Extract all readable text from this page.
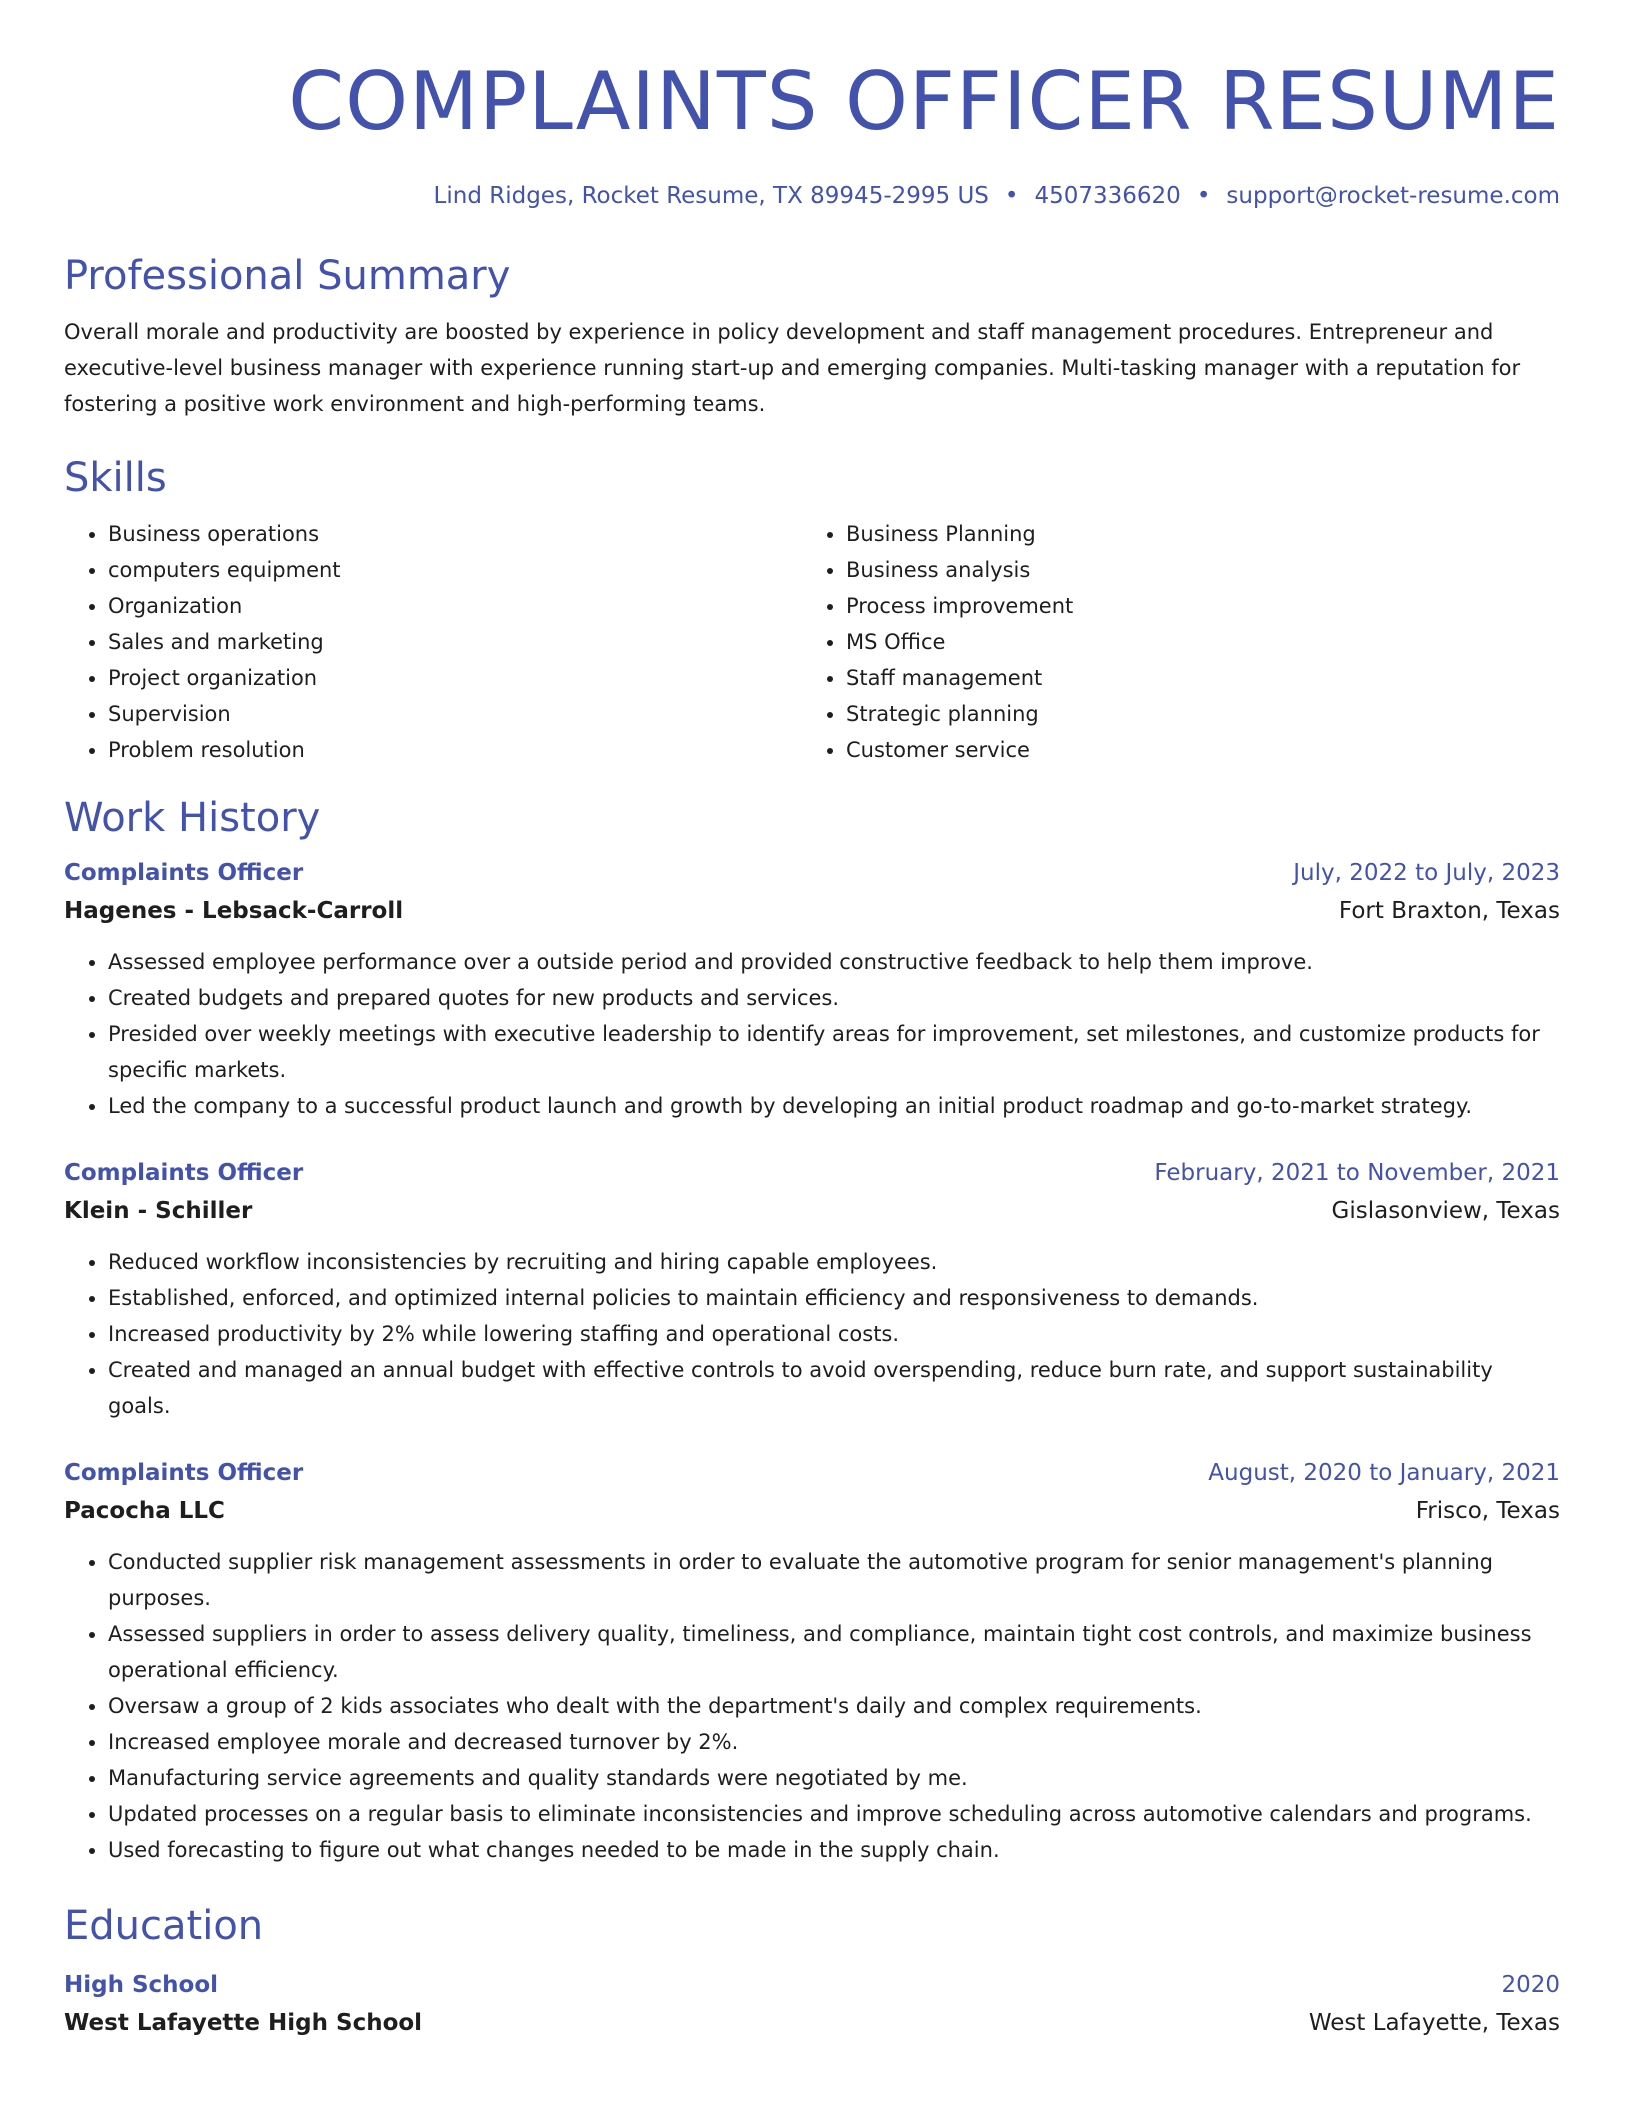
COMPLAINTS OFFICER RESUME
Lind Ridges, Rocket Resume, TX 89945-2995 US • 4507336620 • support@rocket-resume.com
Professional Summary

Overall morale and productivity are boosted by experience in policy development and staff management procedures. Entrepreneur and executive-level business manager with experience running start-up and emerging companies. Multi-tasking manager with a reputation for fostering a positive work environment and high-performing teams.

Skills
• Business operations
• computers equipment
• Organization
• Sales and marketing
• Project organization
• Supervision
• Problem resolution
• Business Planning
• Business analysis
• Process improvement
• MS Office
• Staff management
• Strategic planning
• Customer service
Work History
Complaints Officer	July, 2022 to July, 2023
Hagenes - Lebsack-Carroll	Fort Braxton, Texas
• Assessed employee performance over a outside period and provided constructive feedback to help them improve.
• Created budgets and prepared quotes for new products and services.
• Presided over weekly meetings with executive leadership to identify areas for improvement, set milestones, and customize products for specific markets.
• Led the company to a successful product launch and growth by developing an initial product roadmap and go-to-market strategy.
Complaints Officer	February, 2021 to November, 2021
Klein - Schiller	Gislasonview, Texas
• Reduced workflow inconsistencies by recruiting and hiring capable employees.
• Established, enforced, and optimized internal policies to maintain efficiency and responsiveness to demands.
• Increased productivity by 2% while lowering staffing and operational costs.
• Created and managed an annual budget with effective controls to avoid overspending, reduce burn rate, and support sustainability goals.
Complaints Officer	August, 2020 to January, 2021
Pacocha LLC	Frisco, Texas
• Conducted supplier risk management assessments in order to evaluate the automotive program for senior management's planning purposes.
• Assessed suppliers in order to assess delivery quality, timeliness, and compliance, maintain tight cost controls, and maximize business operational efficiency.
• Oversaw a group of 2 kids associates who dealt with the department's daily and complex requirements.
• Increased employee morale and decreased turnover by 2%.
• Manufacturing service agreements and quality standards were negotiated by me.
• Updated processes on a regular basis to eliminate inconsistencies and improve scheduling across automotive calendars and programs.
• Used forecasting to figure out what changes needed to be made in the supply chain.
Education
High School	2020
West Lafayette High School	West Lafayette, Texas
